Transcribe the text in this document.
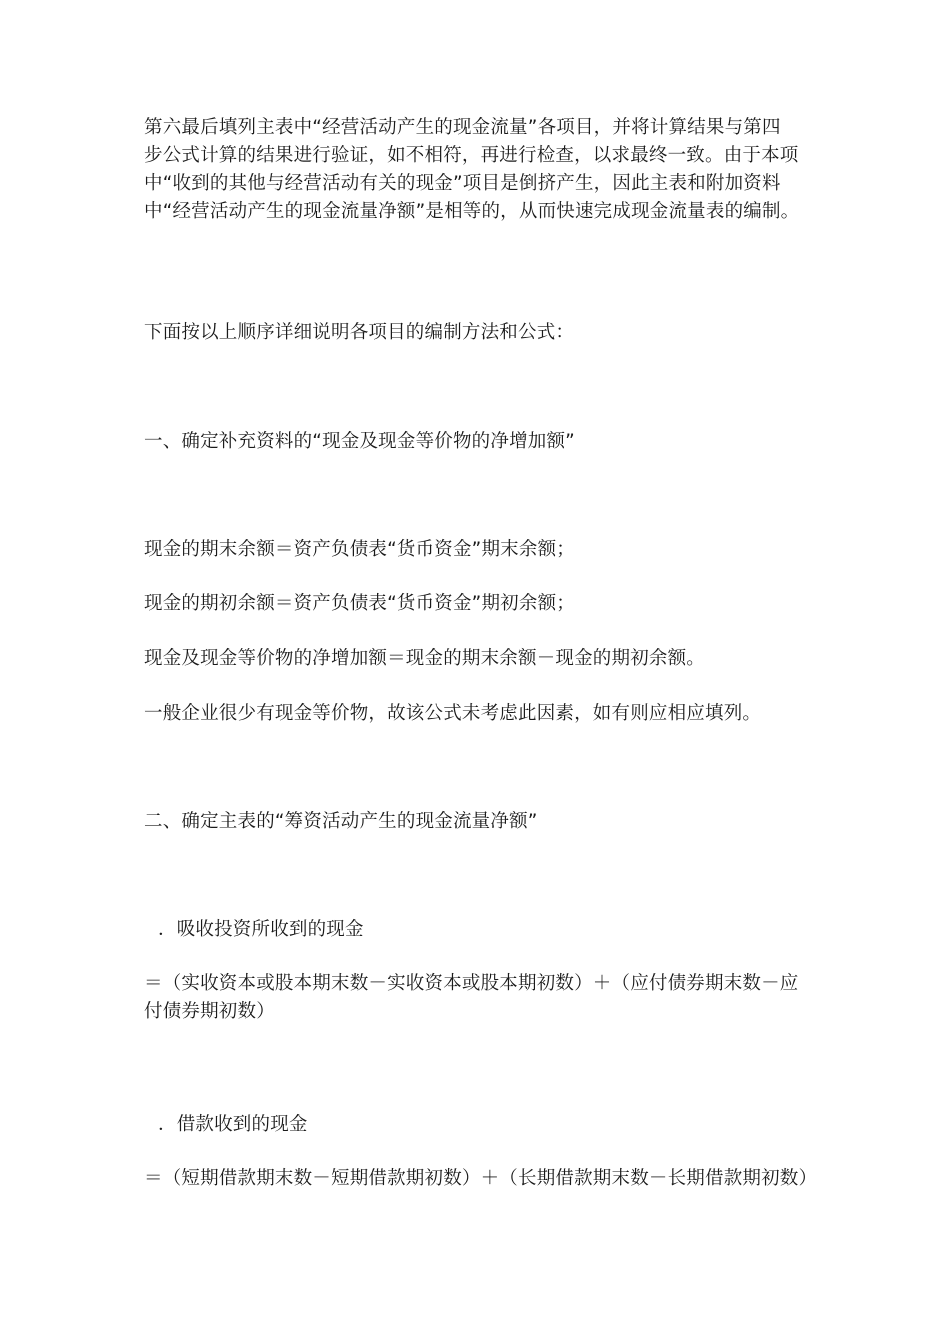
第六最后填列主表中“经营活动产生的现金流量”各项目，并将计算结果与第四
步公式计算的结果进行验证，如不相符，再进行检查，以求最终一致。由于本项
中“收到的其他与经营活动有关的现金”项目是倒挤产生，因此主表和附加资料
中“经营活动产生的现金流量净额”是相等的，从而快速完成现金流量表的编制。
下面按以上顺序详细说明各项目的编制方法和公式：
一、确定补充资料的“现金及现金等价物的净增加额”
现金的期末余额＝资产负债表“货币资金”期末余额；
现金的期初余额＝资产负债表“货币资金”期初余额；
现金及现金等价物的净增加额＝现金的期末余额－现金的期初余额。
一般企业很少有现金等价物，故该公式未考虑此因素，如有则应相应填列。
二、确定主表的“筹资活动产生的现金流量净额”
．吸收投资所收到的现金
＝（实收资本或股本期末数－实收资本或股本期初数）＋（应付债券期末数－应
付债券期初数）
．借款收到的现金
＝（短期借款期末数－短期借款期初数）＋（长期借款期末数－长期借款期初数）
